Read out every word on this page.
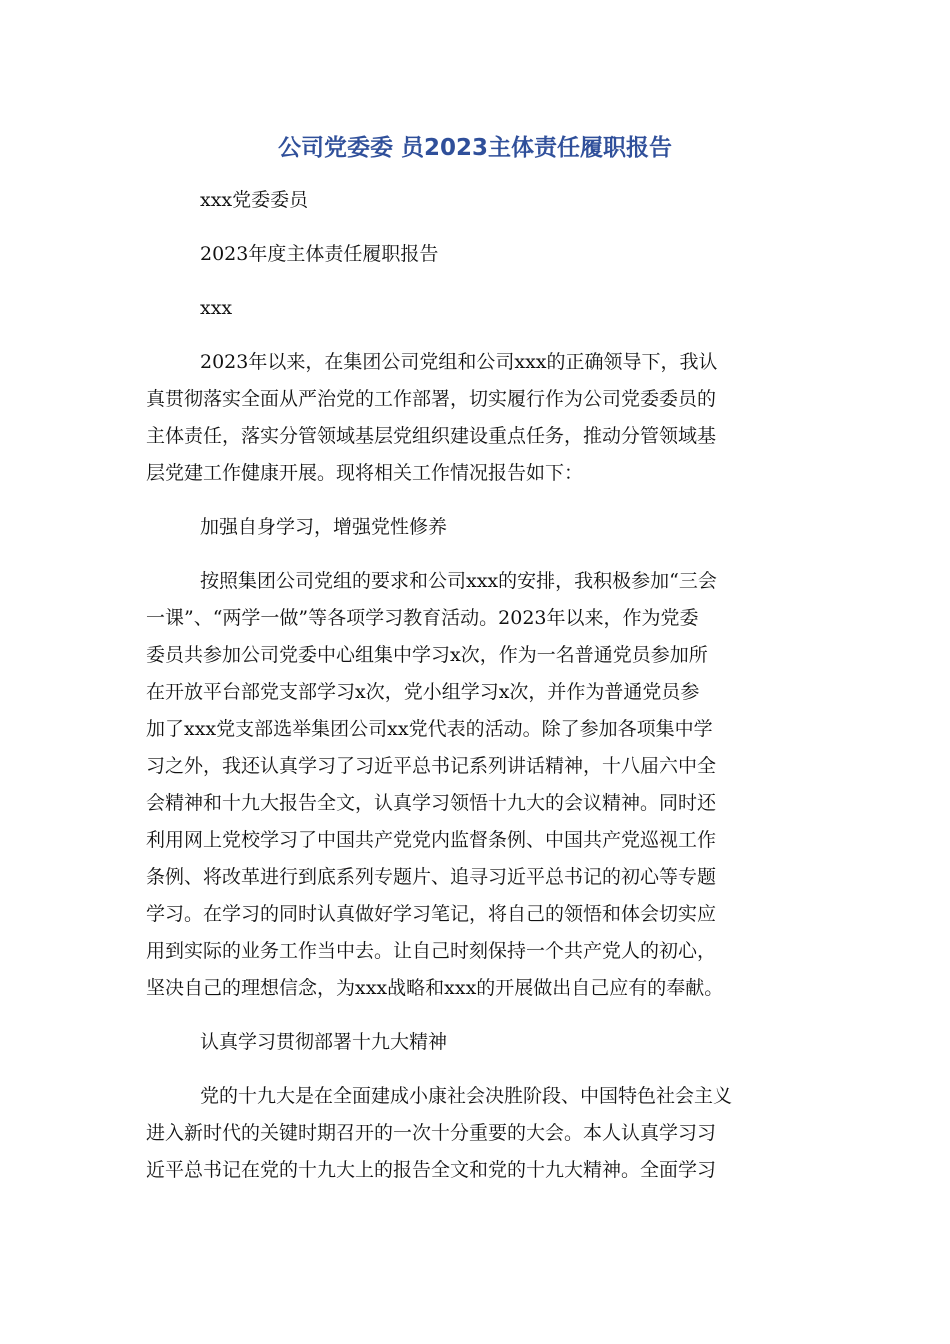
公司党委委 员2023主体责任履职报告
xxx党委委员
2023年度主体责任履职报告
xxx
2023年以来，在集团公司党组和公司xxx的正确领导下，我认
真贯彻落实全面从严治党的工作部署，切实履行作为公司党委委员的
主体责任，落实分管领域基层党组织建设重点任务，推动分管领域基
层党建工作健康开展。现将相关工作情况报告如下：
加强自身学习，增强党性修养
按照集团公司党组的要求和公司xxx的安排，我积极参加“三会
一课”、“两学一做”等各项学习教育活动。2023年以来，作为党委
委员共参加公司党委中心组集中学习x次，作为一名普通党员参加所
在开放平台部党支部学习x次，党小组学习x次，并作为普通党员参
加了xxx党支部选举集团公司xx党代表的活动。除了参加各项集中学
习之外，我还认真学习了习近平总书记系列讲话精神，十八届六中全
会精神和十九大报告全文，认真学习领悟十九大的会议精神。同时还
利用网上党校学习了中国共产党党内监督条例、中国共产党巡视工作
条例、将改革进行到底系列专题片、追寻习近平总书记的初心等专题
学习。在学习的同时认真做好学习笔记，将自己的领悟和体会切实应
用到实际的业务工作当中去。让自己时刻保持一个共产党人的初心，
坚决自己的理想信念，为xxx战略和xxx的开展做出自己应有的奉献。
认真学习贯彻部署十九大精神
党的十九大是在全面建成小康社会决胜阶段、中国特色社会主义
进入新时代的关键时期召开的一次十分重要的大会。本人认真学习习
近平总书记在党的十九大上的报告全文和党的十九大精神。全面学习
